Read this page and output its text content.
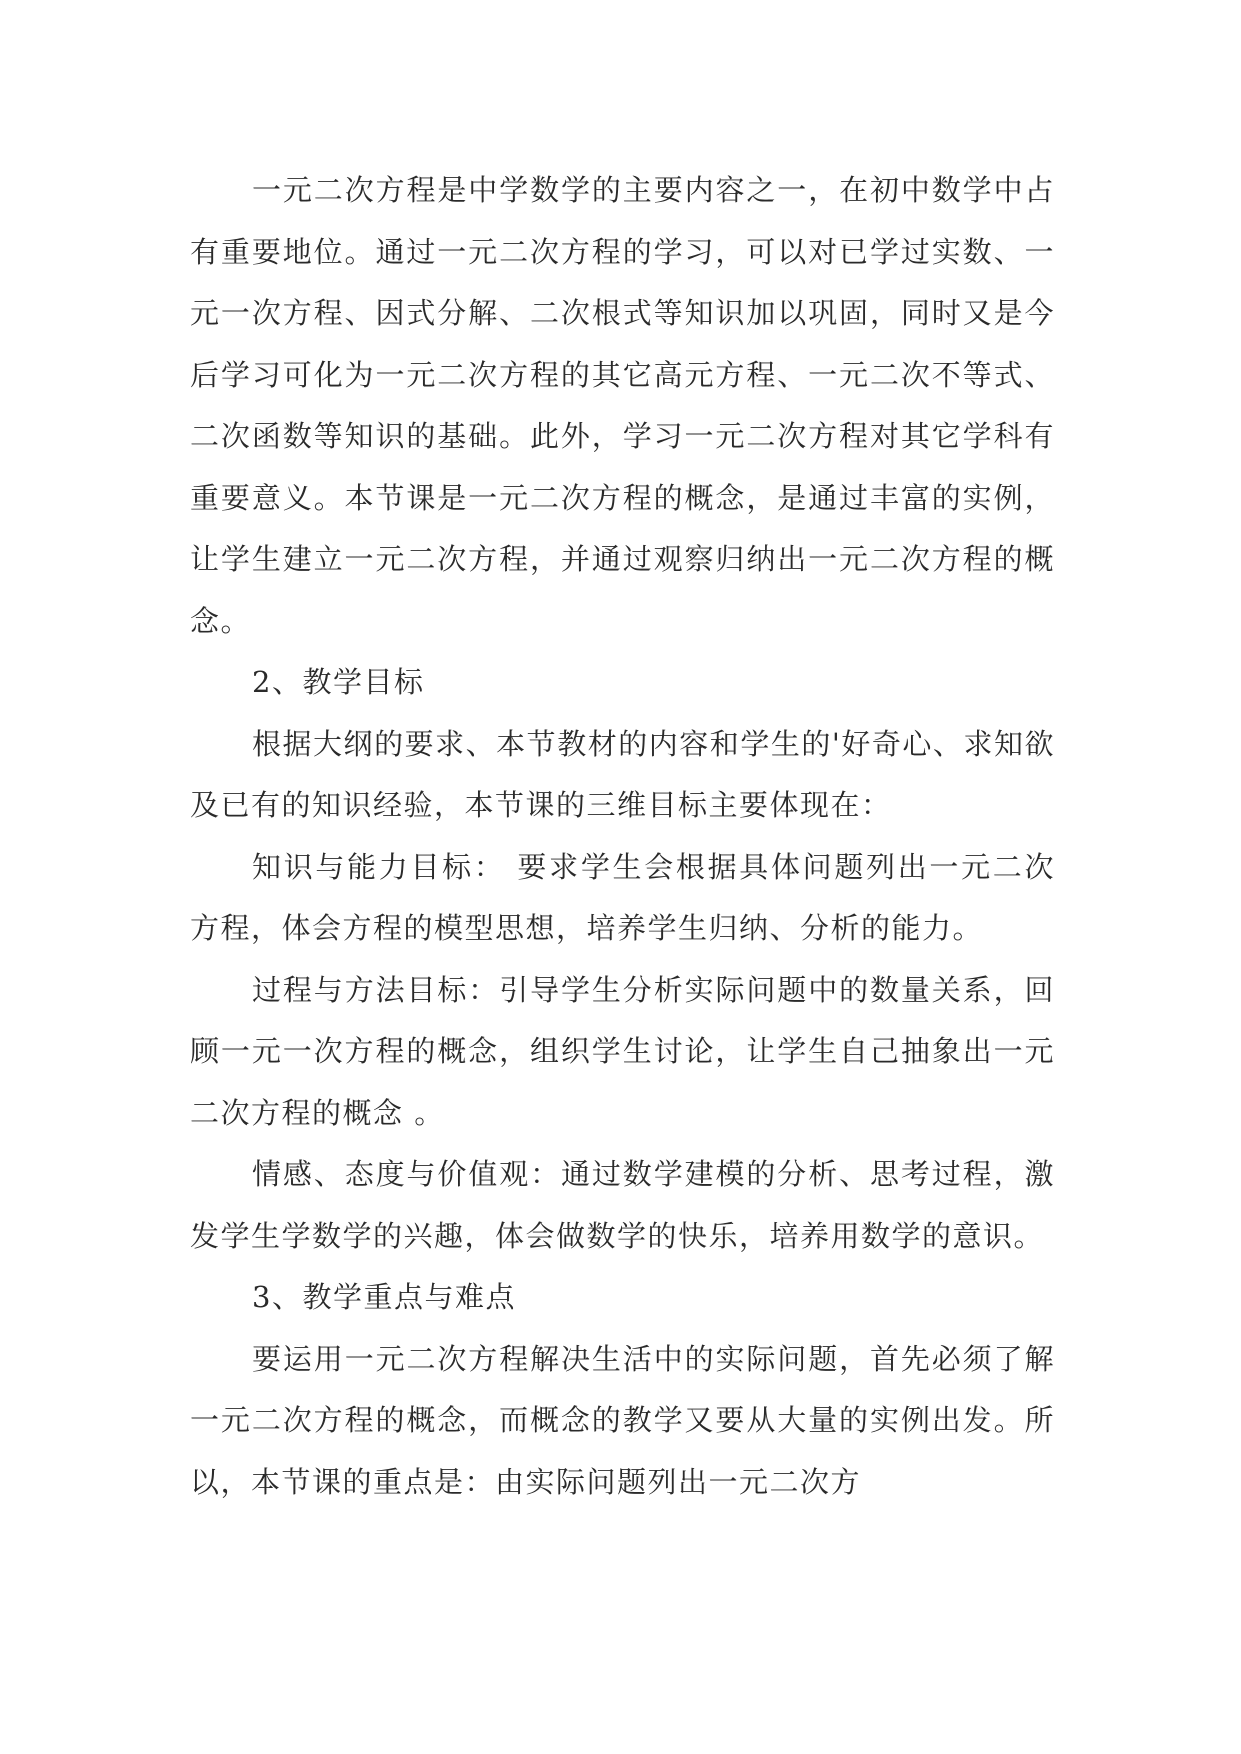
一元二次方程是中学数学的主要内容之一，在初中数学中占有重要地位。通过一元二次方程的学习，可以对已学过实数、一元一次方程、因式分解、二次根式等知识加以巩固，同时又是今后学习可化为一元二次方程的其它高元方程、一元二次不等式、二次函数等知识的基础。此外，学习一元二次方程对其它学科有重要意义。本节课是一元二次方程的概念，是通过丰富的实例，让学生建立一元二次方程，并通过观察归纳出一元二次方程的概念。

2、教学目标

根据大纲的要求、本节教材的内容和学生的'好奇心、求知欲及已有的知识经验，本节课的三维目标主要体现在：

知识与能力目标： 要求学生会根据具体问题列出一元二次方程，体会方程的模型思想，培养学生归纳、分析的能力。

过程与方法目标：引导学生分析实际问题中的数量关系，回顾一元一次方程的概念，组织学生讨论，让学生自己抽象出一元二次方程的概念 。

情感、态度与价值观：通过数学建模的分析、思考过程，激发学生学数学的兴趣，体会做数学的快乐，培养用数学的意识。

3、教学重点与难点

要运用一元二次方程解决生活中的实际问题，首先必须了解一元二次方程的概念，而概念的教学又要从大量的实例出发。所以，本节课的重点是：由实际问题列出一元二次方
